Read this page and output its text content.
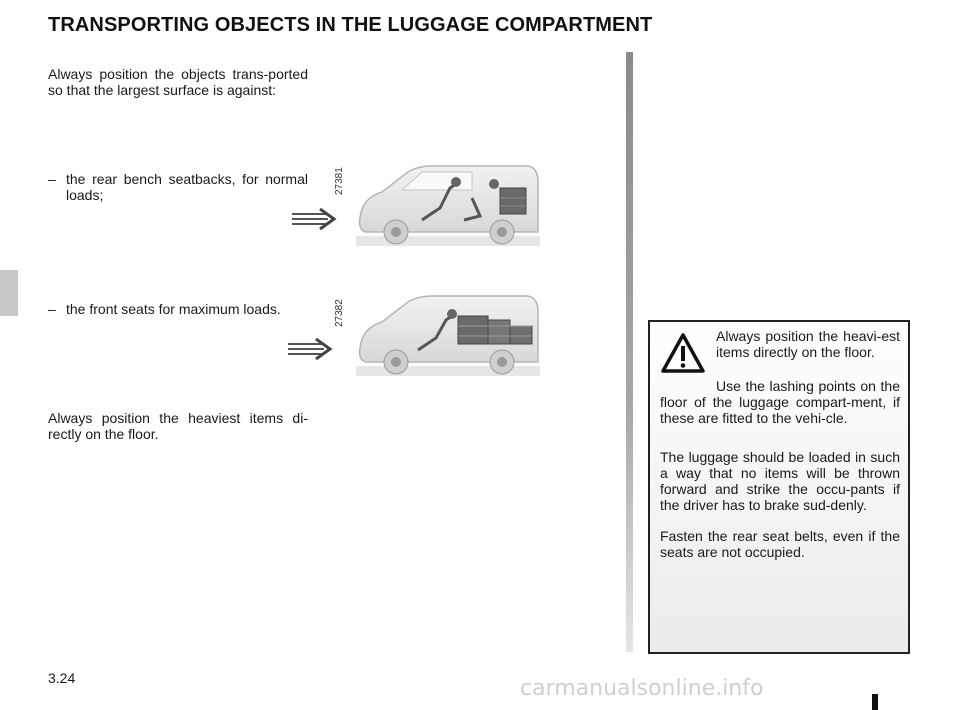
TRANSPORTING OBJECTS IN THE LUGGAGE COMPARTMENT
Always position the objects trans-ported so that the largest surface is against:
– the rear bench seatbacks, for normal loads;
– the front seats for maximum loads.
Always position the heaviest items di-rectly on the floor.
27381
27382
Always position the heavi-est items directly on the floor.
Use the lashing points on the floor of the luggage compart-ment, if these are fitted to the vehi-cle.
The luggage should be loaded in such a way that no items will be thrown forward and strike the occu-pants if the driver has to brake sud-denly.
Fasten the rear seat belts, even if the seats are not occupied.
3.24	carmanualsonline.info
